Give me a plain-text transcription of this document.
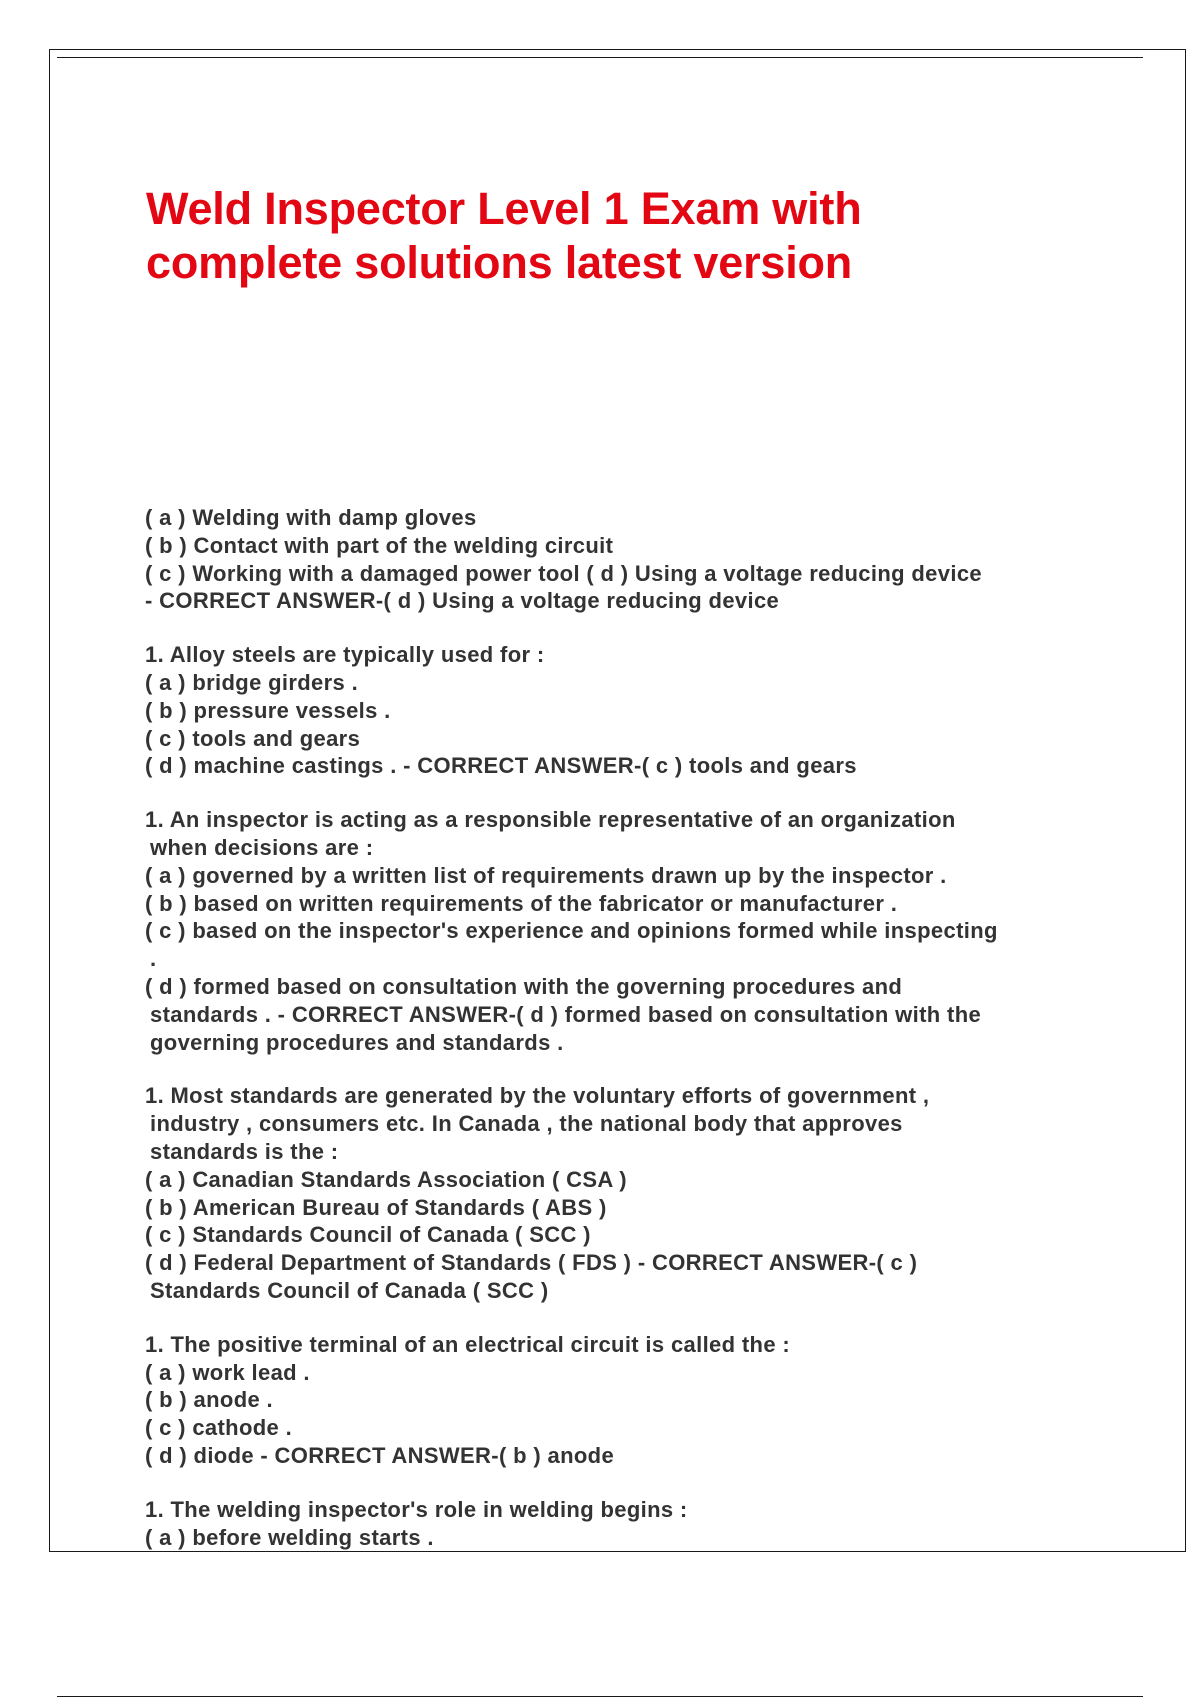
Weld Inspector Level 1 Exam with
complete solutions latest version
( a ) Welding with damp gloves
( b ) Contact with part of the welding circuit
( c ) Working with a damaged power tool ( d ) Using a voltage reducing device
- CORRECT ANSWER-( d ) Using a voltage reducing device
1. Alloy steels are typically used for :
( a ) bridge girders .
( b ) pressure vessels .
( c ) tools and gears
( d ) machine castings . - CORRECT ANSWER-( c ) tools and gears
1. An inspector is acting as a responsible representative of an organization
when decisions are :
( a ) governed by a written list of requirements drawn up by the inspector .
( b ) based on written requirements of the fabricator or manufacturer .
( c ) based on the inspector's experience and opinions formed while inspecting
.
( d ) formed based on consultation with the governing procedures and
standards . - CORRECT ANSWER-( d ) formed based on consultation with the
governing procedures and standards .
1. Most standards are generated by the voluntary efforts of government ,
industry , consumers etc. In Canada , the national body that approves
standards is the :
( a ) Canadian Standards Association ( CSA )
( b ) American Bureau of Standards ( ABS )
( c ) Standards Council of Canada ( SCC )
( d ) Federal Department of Standards ( FDS ) - CORRECT ANSWER-( c )
Standards Council of Canada ( SCC )
1. The positive terminal of an electrical circuit is called the :
( a ) work lead .
( b ) anode .
( c ) cathode .
( d ) diode - CORRECT ANSWER-( b ) anode
1. The welding inspector's role in welding begins :
( a ) before welding starts .
